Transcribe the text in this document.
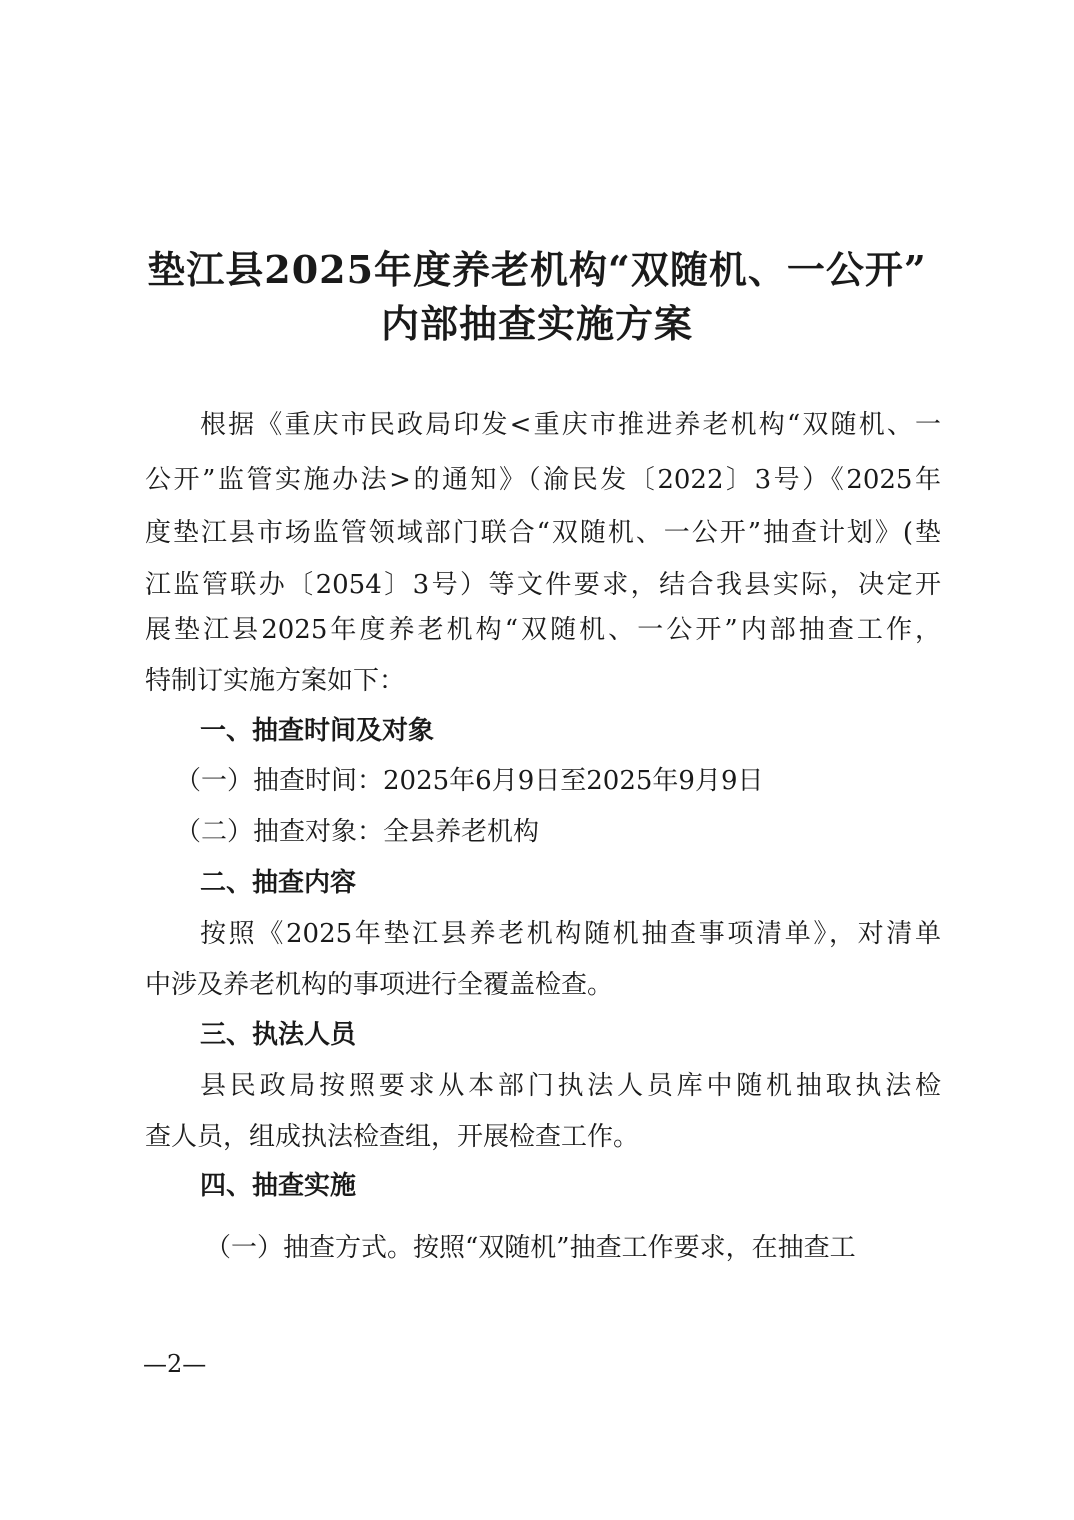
垫江县2025年度养老机构“双随机、一公开”
内部抽查实施方案
根据《重庆市民政局印发<重庆市推进养老机构“双随机、一
公开”监管实施办法>的通知》（渝民发〔2022〕3号）《2025年
度垫江县市场监管领域部门联合“双随机、一公开”抽查计划》(垫
江监管联办〔2054〕3号）等文件要求，结合我县实际，决定开
展垫江县2025年度养老机构“双随机、一公开”内部抽查工作，
特制订实施方案如下：
一、抽查时间及对象
（一）抽查时间：2025年6月9日至2025年9月9日
（二）抽查对象：全县养老机构
二、抽查内容
按照《2025年垫江县养老机构随机抽查事项清单》，对清单
中涉及养老机构的事项进行全覆盖检查。
三、执法人员
县民政局按照要求从本部门执法人员库中随机抽取执法检
查人员，组成执法检查组，开展检查工作。
四、抽查实施
（一）抽查方式。按照“双随机”抽查工作要求，在抽查工
—2—
